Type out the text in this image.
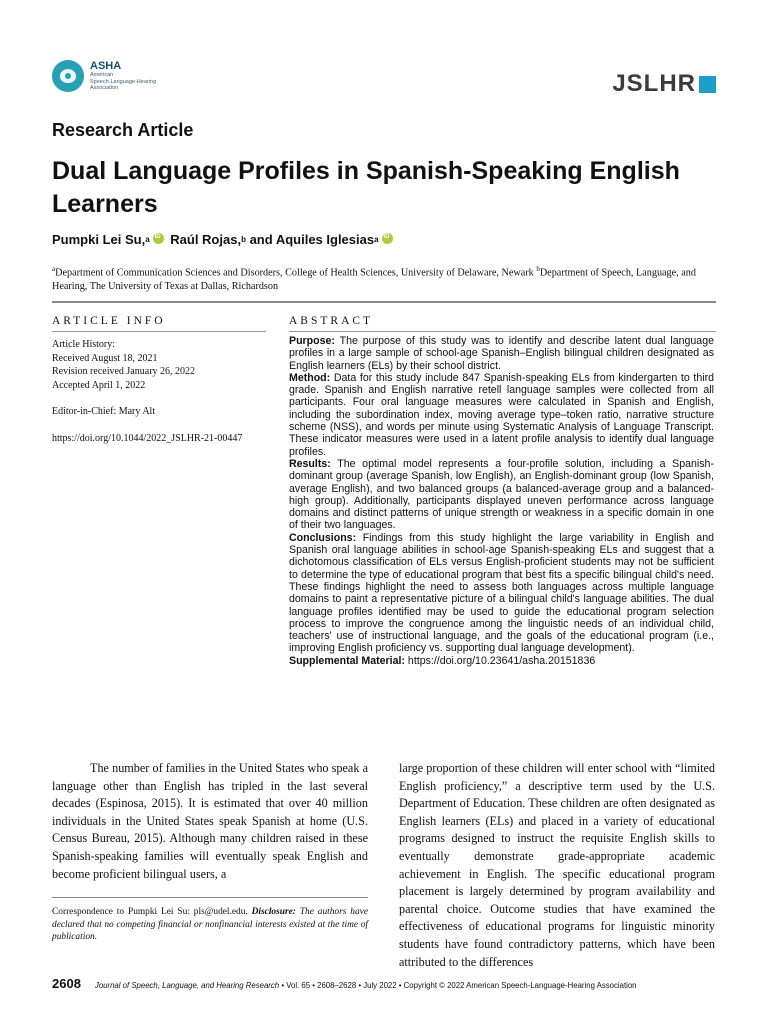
ASHA
American
Speech-Language-Hearing
Association	JSLHR
Research Article
Dual Language Profiles in Spanish-Speaking English Learners
Pumpki Lei Su, a
iD
Raúl Rojas, b
and Aquiles Iglesias a
iD
$^a$Department of Communication Sciences and Disorders, College of Health Sciences, University of Delaware, Newark $^b$Department of Speech, Language, and Hearing, The University of Texas at Dallas, Richardson
ARTICLE INFO
Article History:
Received August 18, 2021
Revision received January 26, 2022
Accepted April 1, 2022
Editor-in-Chief: Mary Alt
https://doi.org/10.1044/2022_JSLHR-21-00447
ABSTRACT

Purpose: The purpose of this study was to identify and describe latent dual language profiles in a large sample of school-age Spanish–English bilingual children designated as English learners (ELs) by their school district.

Method: Data for this study include 847 Spanish-speaking ELs from kindergarten to third grade. Spanish and English narrative retell language samples were collected from all participants. Four oral language measures were calculated in Spanish and English, including the subordination index, moving average type–token ratio, narrative structure scheme (NSS), and words per minute using Systematic Analysis of Language Transcript. These indicator measures were used in a latent profile analysis to identify dual language profiles.

Results: The optimal model represents a four-profile solution, including a Spanish-dominant group (average Spanish, low English), an English-dominant group (low Spanish, average English), and two balanced groups (a balanced-average group and a balanced-high group). Additionally, participants displayed uneven performance across language domains and distinct patterns of unique strength or weakness in a specific domain in one of their two languages.

Conclusions: Findings from this study highlight the large variability in English and Spanish oral language abilities in school-age Spanish-speaking ELs and suggest that a dichotomous classification of ELs versus English-proficient students may not be sufficient to determine the type of educational program that best fits a specific bilingual child's need. These findings highlight the need to assess both languages across multiple language domains to paint a representative picture of a bilingual child's language abilities. The dual language profiles identified may be used to guide the educational program selection process to improve the congruence among the linguistic needs of an individual child, teachers' use of instructional language, and the goals of the educational program (i.e., improving English proficiency vs. supporting dual language development).

Supplemental Material: https://doi.org/10.23641/asha.20151836

The number of families in the United States who speak a language other than English has tripled in the last several decades (Espinosa, 2015). It is estimated that over 40 million individuals in the United States speak Spanish at home (U.S. Census Bureau, 2015). Although many children raised in these Spanish-speaking families will eventually speak English and become proficient bilingual users, a

large proportion of these children will enter school with “limited English proficiency,” a descriptive term used by the U.S. Department of Education. These children are often designated as English learners (ELs) and placed in a variety of educational programs designed to instruct the requisite English skills to eventually demonstrate grade-appropriate academic achievement in English. The specific educational program placement is largely determined by program availability and parental choice. Outcome studies that have examined the effectiveness of educational programs for linguistic minority students have found contradictory patterns, which have been attributed to the differences

Correspondence to Pumpki Lei Su: pls@udel.edu. Disclosure: The authors have declared that no competing financial or nonfinancial interests existed at the time of publication.
2608 Journal of Speech, Language, and Hearing Research • Vol. 65 • 2608–2628 • July 2022 • Copyright © 2022 American Speech-Language-Hearing Association
